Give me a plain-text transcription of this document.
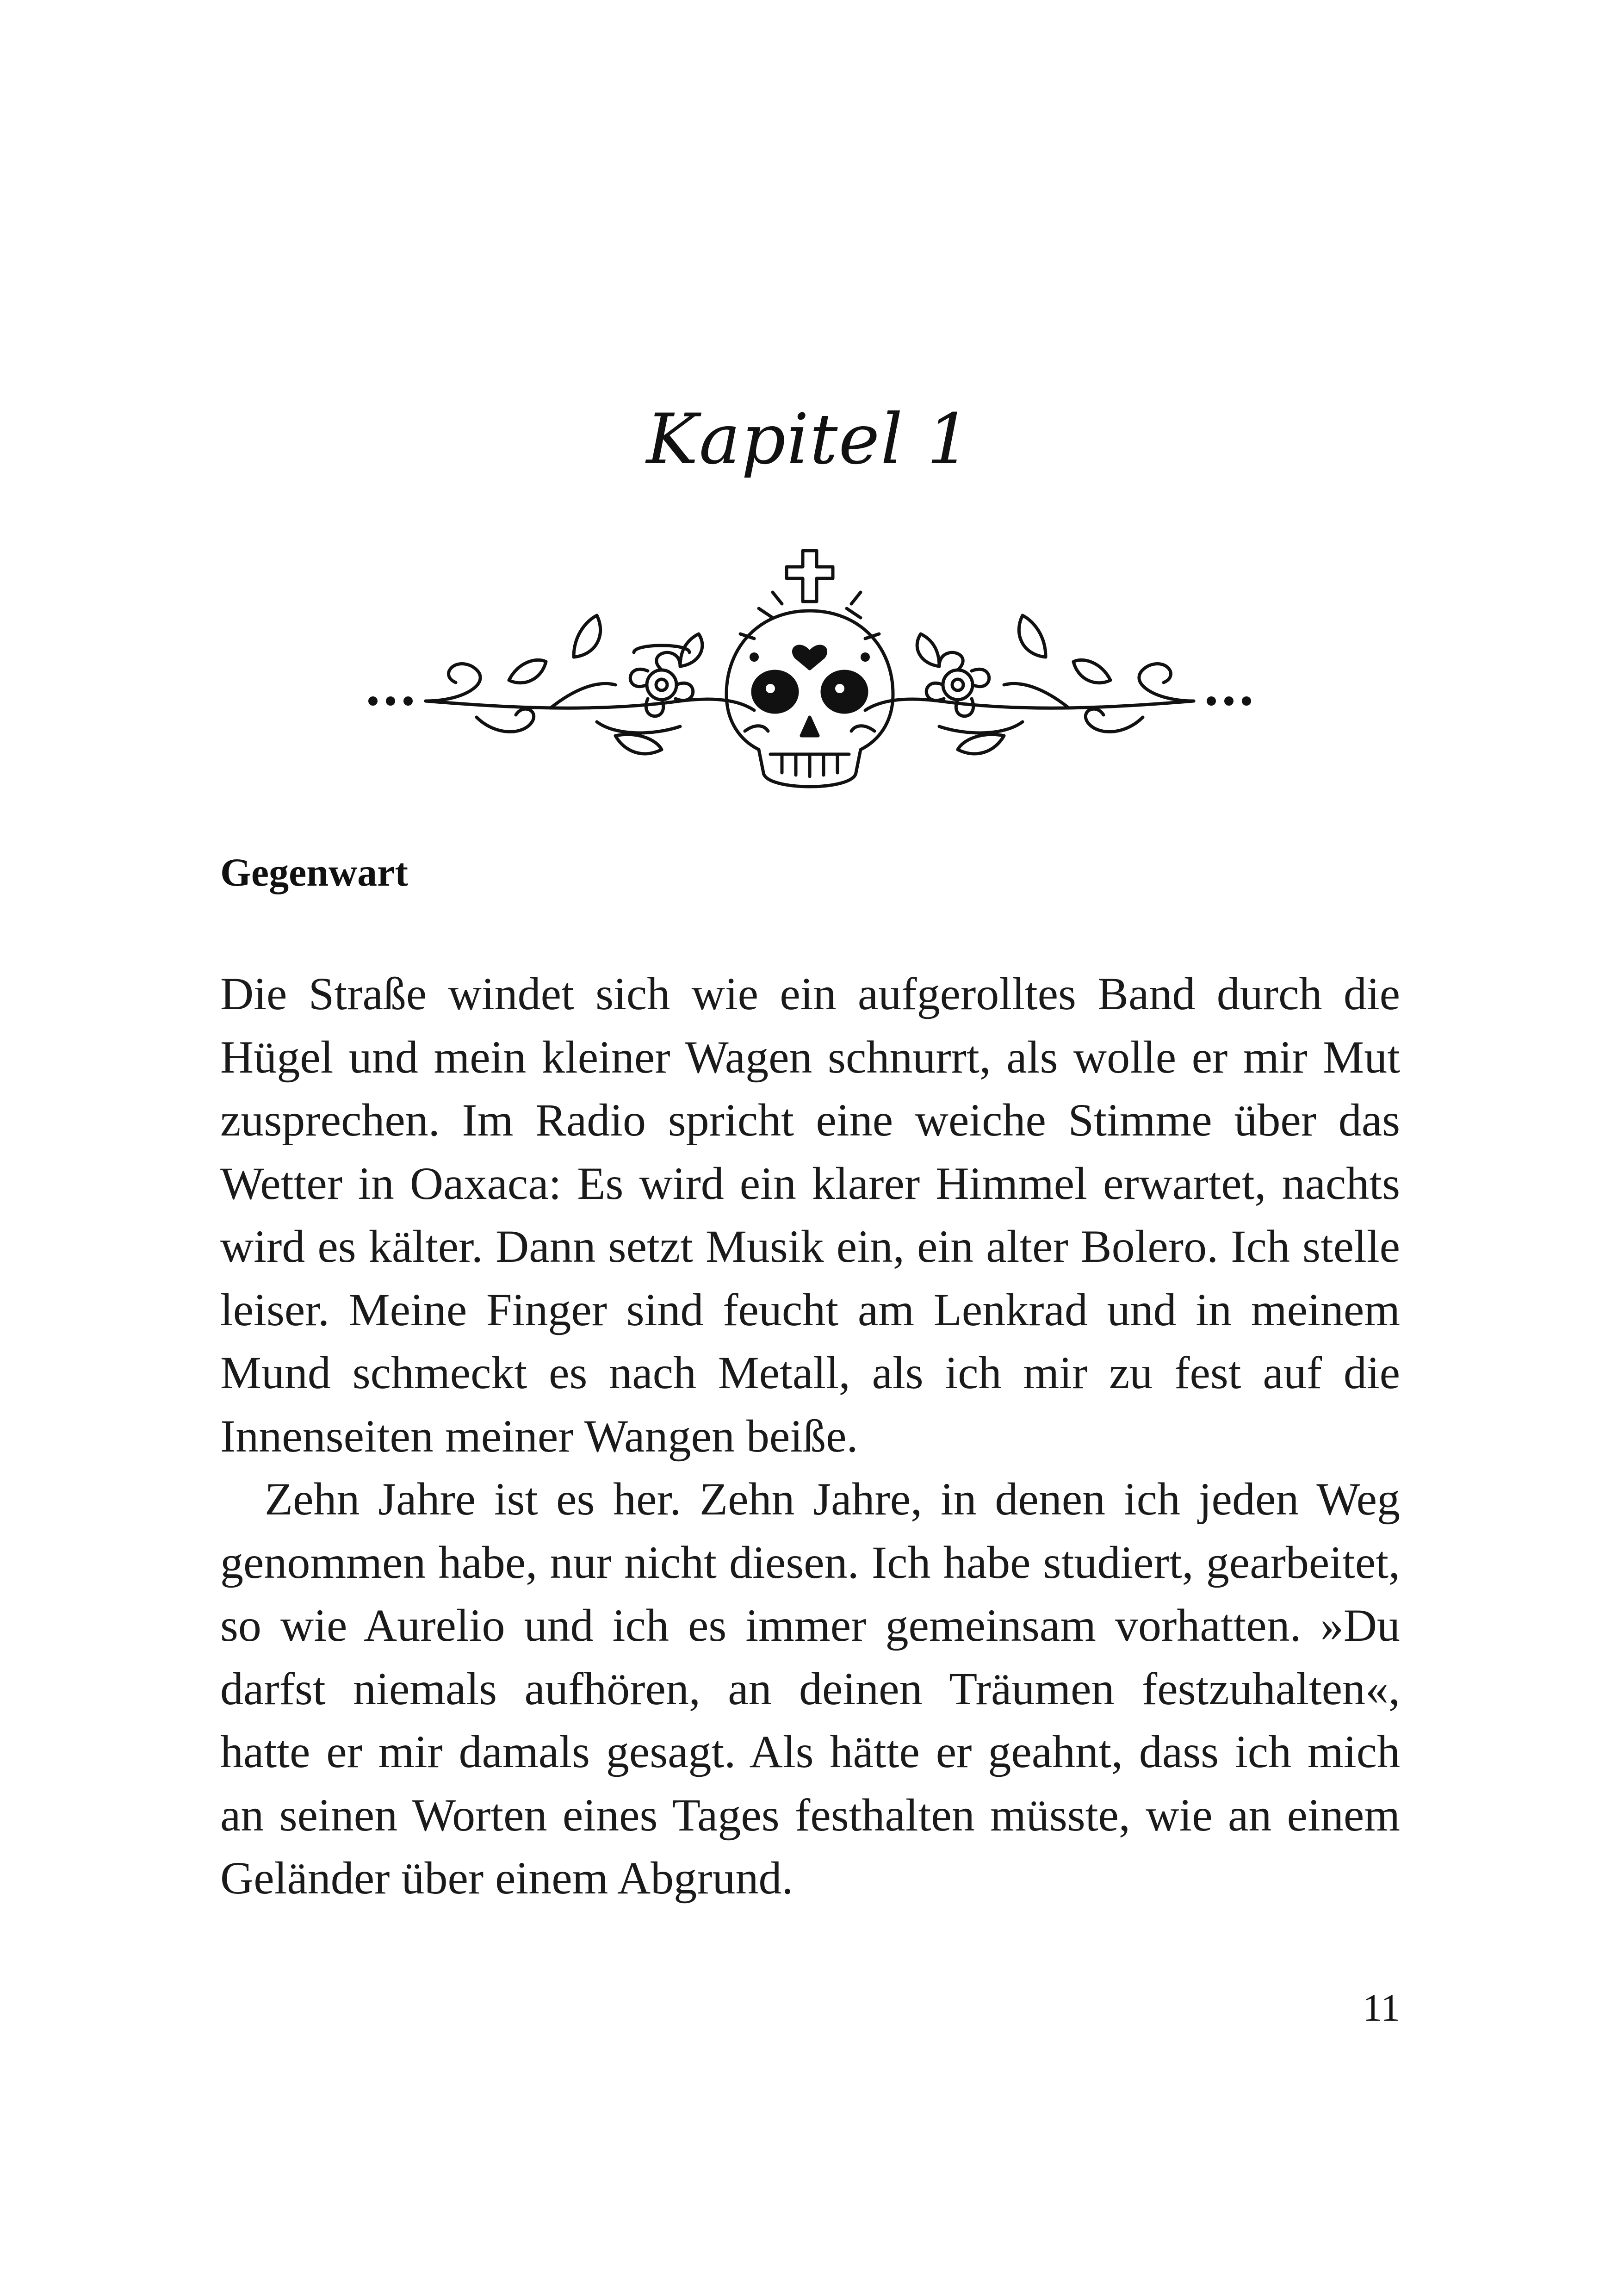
Kapitel 1
Gegenwart

Die Straße windet sich wie ein aufgerolltes Band durch die Hügel und mein kleiner Wagen schnurrt, als wolle er mir Mut zusprechen. Im Radio spricht eine weiche Stimme über das Wetter in Oaxaca: Es wird ein klarer Himmel erwartet, nachts wird es kälter. Dann setzt Musik ein, ein alter Bolero. Ich stelle leiser. Meine Finger sind feucht am Lenkrad und in meinem Mund schmeckt es nach Metall, als ich mir zu fest auf die Innenseiten meiner Wangen beiße.

Zehn Jahre ist es her. Zehn Jahre, in denen ich jeden Weg genommen habe, nur nicht diesen. Ich habe studiert, gearbeitet, so wie Aurelio und ich es immer gemeinsam vorhatten. »Du darfst niemals aufhören, an deinen Träumen festzuhalten«, hatte er mir damals gesagt. Als hätte er geahnt, dass ich mich an seinen Worten eines Tages festhalten müsste, wie an einem Geländer über einem Abgrund.

11
